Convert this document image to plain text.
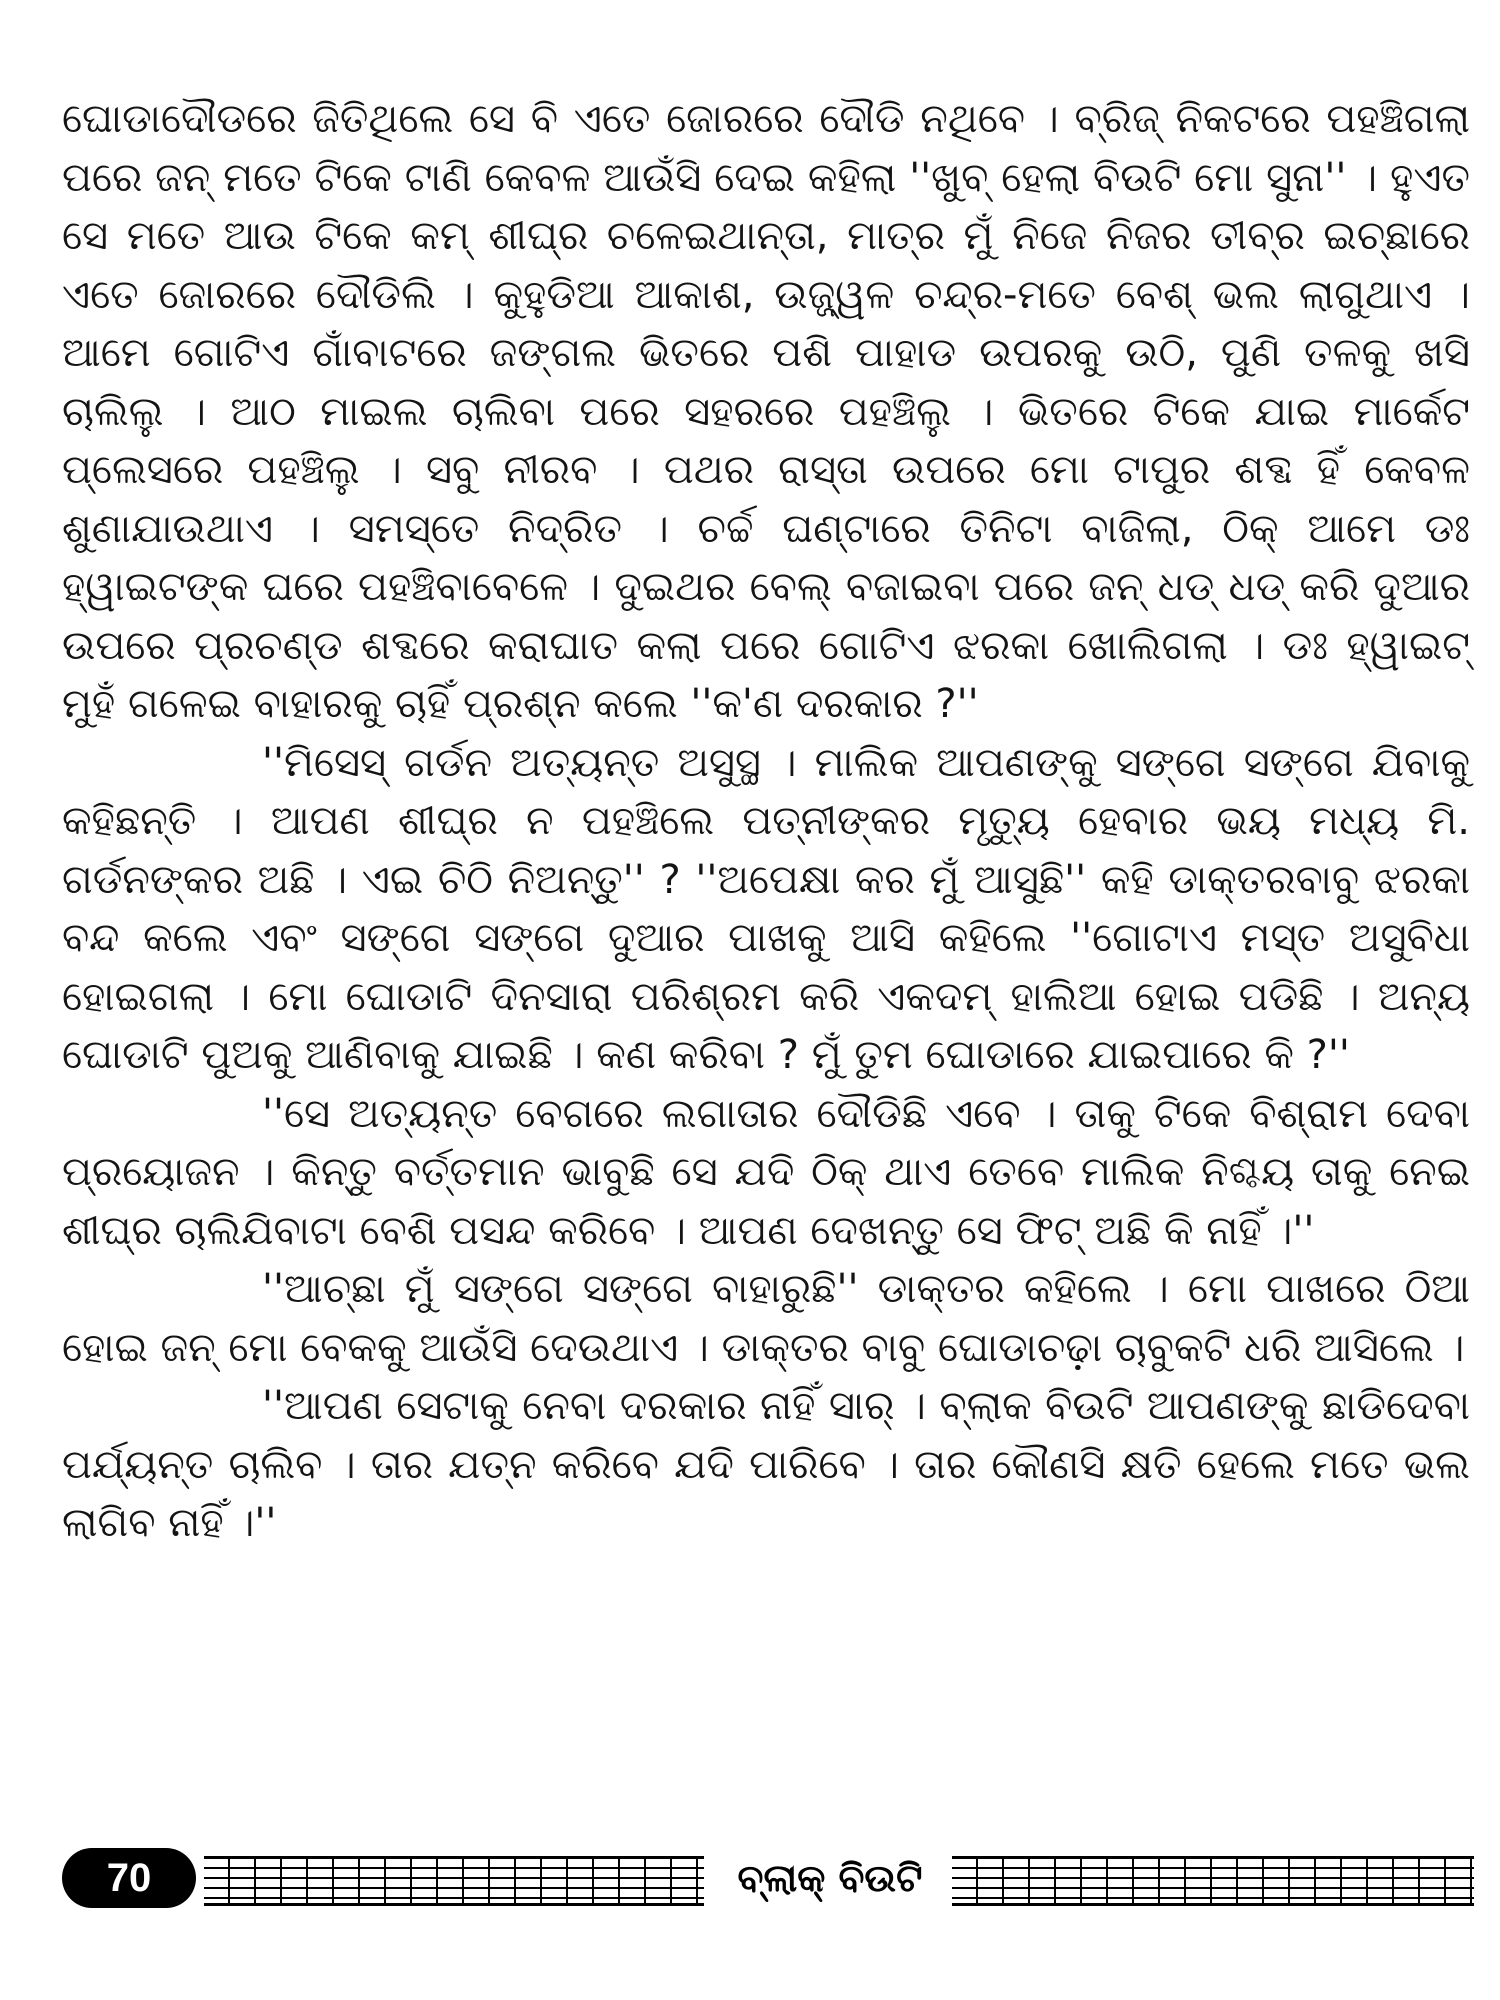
ଘୋଡାଦୌଡରେ ଜିତିଥିଲେ ସେ ବି ଏତେ ଜୋରରେ ଦୌଡି ନଥିବେ । ବ୍ରିଜ୍ ନିକଟରେ ପହଞ୍ଚିଗଲା ପରେ ଜନ୍ ମତେ ଟିକେ ଟାଣି କେବଳ ଆଉଁସି ଦେଇ କହିଲା ''ଖୁବ୍ ହେଲା ବିଉଟି ମୋ ସୁନା'' । ହୁଏତ ସେ ମତେ ଆଉ ଟିକେ କମ୍ ଶୀଘ୍ର ଚଳେଇଥାନ୍ତା, ମାତ୍ର ମୁଁ ନିଜେ ନିଜର ତୀବ୍ର ଇଚ୍ଛାରେ ଏତେ ଜୋରରେ ଦୌଡିଲି । କୁହୁଡିଆ ଆକାଶ, ଉଜ୍ଜ୍ୱଳ ଚନ୍ଦ୍ର-ମତେ ବେଶ୍ ଭଲ ଲାଗୁଥାଏ । ଆମେ ଗୋଟିଏ ଗାଁବାଟରେ ଜଙ୍ଗଲ ଭିତରେ ପଶି ପାହାଡ ଉପରକୁ ଉଠି, ପୁଣି ତଳକୁ ଖସି ଚାଲିଲୁ । ଆଠ ମାଇଲ ଚାଲିବା ପରେ ସହରରେ ପହଞ୍ଚିଲୁ । ଭିତରେ ଟିକେ ଯାଇ ମାର୍କେଟ ପ୍ଲେସରେ ପହଞ୍ଚିଲୁ । ସବୁ ନୀରବ । ପଥର ରାସ୍ତା ଉପରେ ମୋ ଟାପୁର ଶବ୍ଦ ହିଁ କେବଳ ଶୁଣାଯାଉଥାଏ । ସମସ୍ତେ ନିଦ୍ରିତ । ଚର୍ଚ୍ଚ ଘଣ୍ଟାରେ ତିନିଟା ବାଜିଲା, ଠିକ୍ ଆମେ ଡଃ ହ୍ୱାଇଟଙ୍କ ଘରେ ପହଞ୍ଚିବାବେଳେ । ଦୁଇଥର ବେଲ୍ ବଜାଇବା ପରେ ଜନ୍ ଧଡ୍ ଧଡ୍ କରି ଦୁଆର ଉପରେ ପ୍ରଚଣ୍ଡ ଶବ୍ଦରେ କରାଘାତ କଲା ପରେ ଗୋଟିଏ ଝରକା ଖୋଲିଗଲା । ଡଃ ହ୍ୱାଇଟ୍ ମୁହଁ ଗଳେଇ ବାହାରକୁ ଚାହିଁ ପ୍ରଶ୍ନ କଲେ ''କ'ଣ ଦରକାର ?''

''ମିସେସ୍ ଗର୍ଡନ ଅତ୍ୟନ୍ତ ଅସୁସ୍ଥ । ମାଲିକ ଆପଣଙ୍କୁ ସଙ୍ଗେ ସଙ୍ଗେ ଯିବାକୁ କହିଛନ୍ତି । ଆପଣ ଶୀଘ୍ର ନ ପହଞ୍ଚିଲେ ପତ୍ନୀଙ୍କର ମୃତ୍ୟୁ ହେବାର ଭୟ ମଧ୍ୟ ମି. ଗର୍ଡନଙ୍କର ଅଛି । ଏଇ ଚିଠି ନିଅନ୍ତୁ'' ? ''ଅପେକ୍ଷା କର ମୁଁ ଆସୁଛି'' କହି ଡାକ୍ତରବାବୁ ଝରକା ବନ୍ଦ କଲେ ଏବଂ ସଙ୍ଗେ ସଙ୍ଗେ ଦୁଆର ପାଖକୁ ଆସି କହିଲେ ''ଗୋଟାଏ ମସ୍ତ ଅସୁବିଧା ହୋଇଗଲା । ମୋ ଘୋଡାଟି ଦିନସାରା ପରିଶ୍ରମ କରି ଏକଦମ୍ ହାଲିଆ ହୋଇ ପଡିଛି । ଅନ୍ୟ ଘୋଡାଟି ପୁଅକୁ ଆଣିବାକୁ ଯାଇଛି । କଣ କରିବା ? ମୁଁ ତୁମ ଘୋଡାରେ ଯାଇପାରେ କି ?''

''ସେ ଅତ୍ୟନ୍ତ ବେଗରେ ଲଗାତାର ଦୌଡିଛି ଏବେ । ତାକୁ ଟିକେ ବିଶ୍ରାମ ଦେବା ପ୍ରୟୋଜନ । କିନ୍ତୁ ବର୍ତ୍ତମାନ ଭାବୁଛି ସେ ଯଦି ଠିକ୍ ଥାଏ ତେବେ ମାଲିକ ନିଶ୍ଚୟ ତାକୁ ନେଇ ଶୀଘ୍ର ଚାଲିଯିବାଟା ବେଶି ପସନ୍ଦ କରିବେ । ଆପଣ ଦେଖନ୍ତୁ ସେ ଫିଟ୍ ଅଛି କି ନାହିଁ ।''

''ଆଚ୍ଛା ମୁଁ ସଙ୍ଗେ ସଙ୍ଗେ ବାହାରୁଛି'' ଡାକ୍ତର କହିଲେ । ମୋ ପାଖରେ ଠିଆ ହୋଇ ଜନ୍ ମୋ ବେକକୁ ଆଉଁସି ଦେଉଥାଏ । ଡାକ୍ତର ବାବୁ ଘୋଡାଚଢ଼ା ଚାବୁକଟି ଧରି ଆସିଲେ ।

''ଆପଣ ସେଟାକୁ ନେବା ଦରକାର ନାହିଁ ସାର୍ । ବ୍ଲାକ ବିଉଟି ଆପଣଙ୍କୁ ଛାଡିଦେବା ପର୍ଯ୍ୟନ୍ତ ଚାଲିବ । ତାର ଯତ୍ନ କରିବେ ଯଦି ପାରିବେ । ତାର କୌଣସି କ୍ଷତି ହେଲେ ମତେ ଭଲ ଲାଗିବ ନାହିଁ ।''

70	ବ୍ଲାକ୍ ବିଉଟି
